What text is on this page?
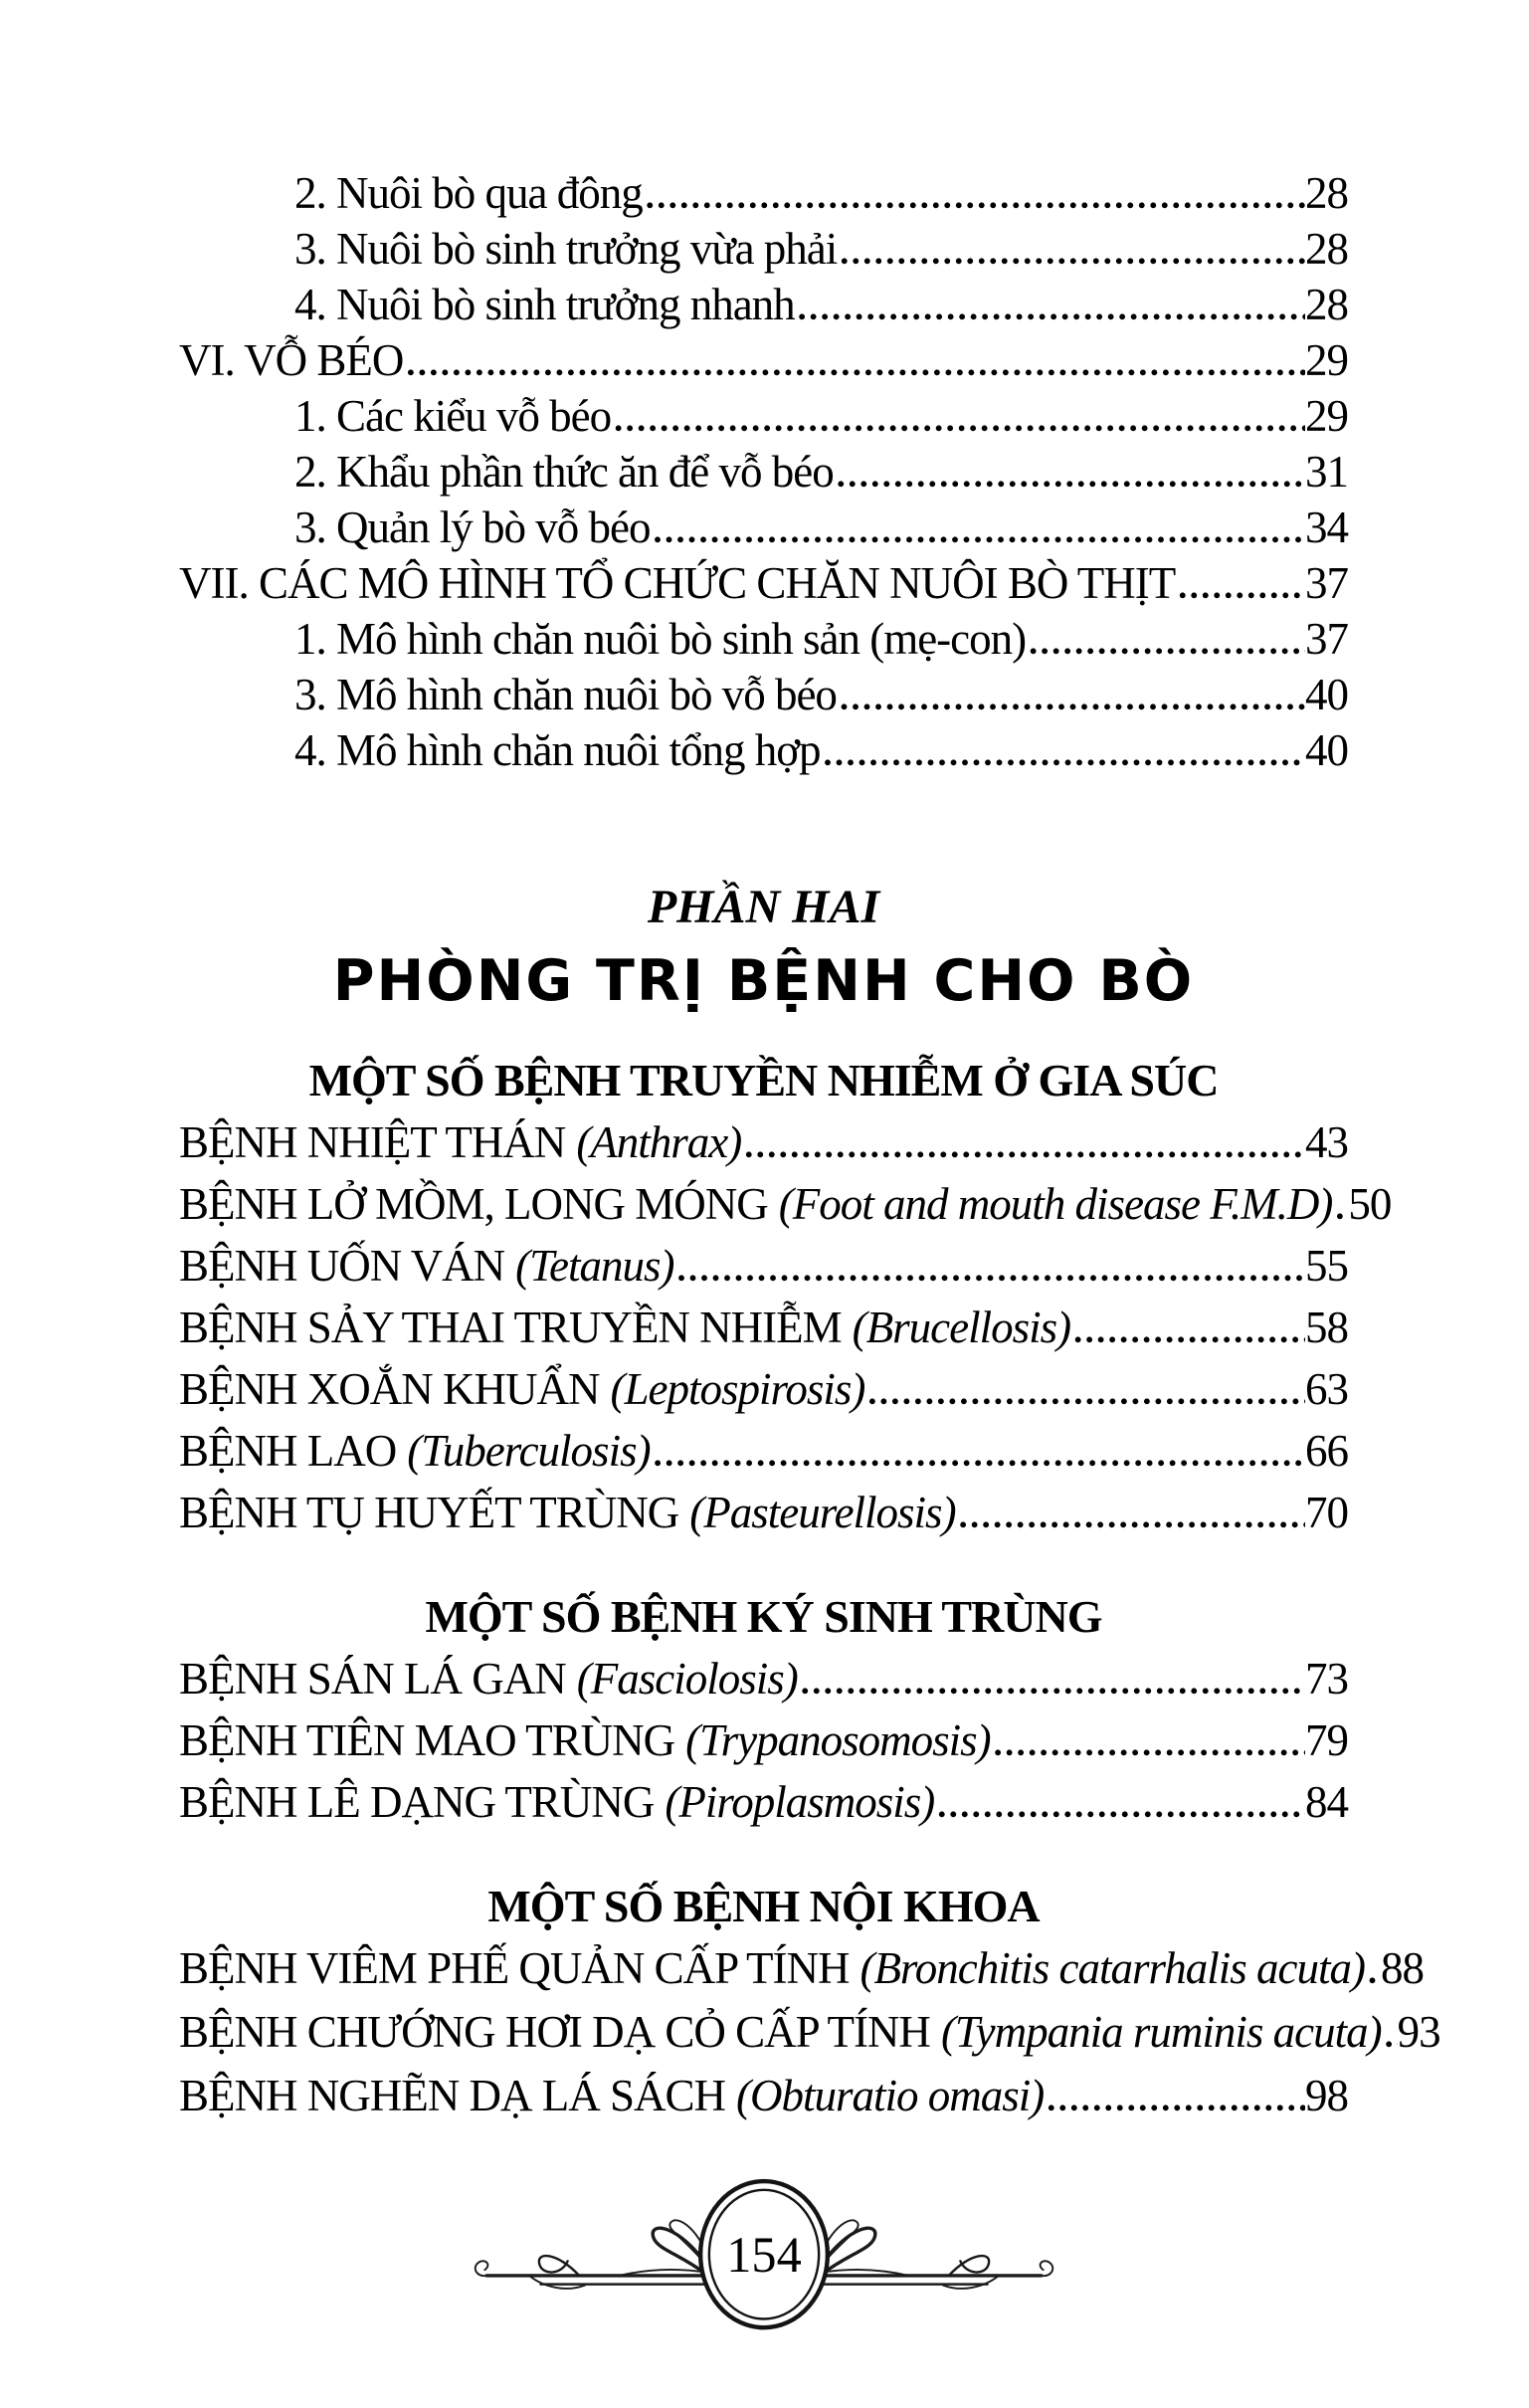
2. Nuôi bò qua đông .....	28
3. Nuôi bò sinh trưởng vừa phải .....	28
4. Nuôi bò sinh trưởng nhanh .....	28
VI. VỖ BÉO .....	29
1. Các kiểu vỗ béo .....	29
2. Khẩu phần thức ăn để vỗ béo .....	31
3. Quản lý bò vỗ béo .....	34
VII. CÁC MÔ HÌNH TỔ CHỨC CHĂN NUÔI BÒ THỊT .....	37
1. Mô hình chăn nuôi bò sinh sản (mẹ-con) .....	37
3. Mô hình chăn nuôi bò vỗ béo .....	40
4. Mô hình chăn nuôi tổng hợp .....	40
PHẦN HAI
PHÒNG TRỊ BỆNH CHO BÒ
MỘT SỐ BỆNH TRUYỀN NHIỄM Ở GIA SÚC
BỆNH NHIỆT THÁN (Anthrax) .....	43
BỆNH LỞ MỒM, LONG MÓNG (Foot and mouth disease F.M.D) ..... 50
BỆNH UỐN VÁN (Tetanus) .....	55
BỆNH SẢY THAI TRUYỀN NHIỄM (Brucellosis) .....	58
BỆNH XOẮN KHUẨN (Leptospirosis) .....	63
BỆNH LAO (Tuberculosis) .....	66
BỆNH TỤ HUYẾT TRÙNG (Pasteurellosis) .....	70
MỘT SỐ BỆNH KÝ SINH TRÙNG
BỆNH SÁN LÁ GAN (Fasciolosis) .....	73
BỆNH TIÊN MAO TRÙNG (Trypanosomosis) .....	79
BỆNH LÊ DẠNG TRÙNG (Piroplasmosis) .....	84
MỘT SỐ BỆNH NỘI KHOA
BỆNH VIÊM PHẾ QUẢN CẤP TÍNH (Bronchitis catarrhalis acuta) ..... 88
BỆNH CHƯỚNG HƠI DẠ CỎ CẤP TÍNH (Tympania ruminis acuta) ..... 93
BỆNH NGHẼN DẠ LÁ SÁCH (Obturatio omasi) .....	98
154
